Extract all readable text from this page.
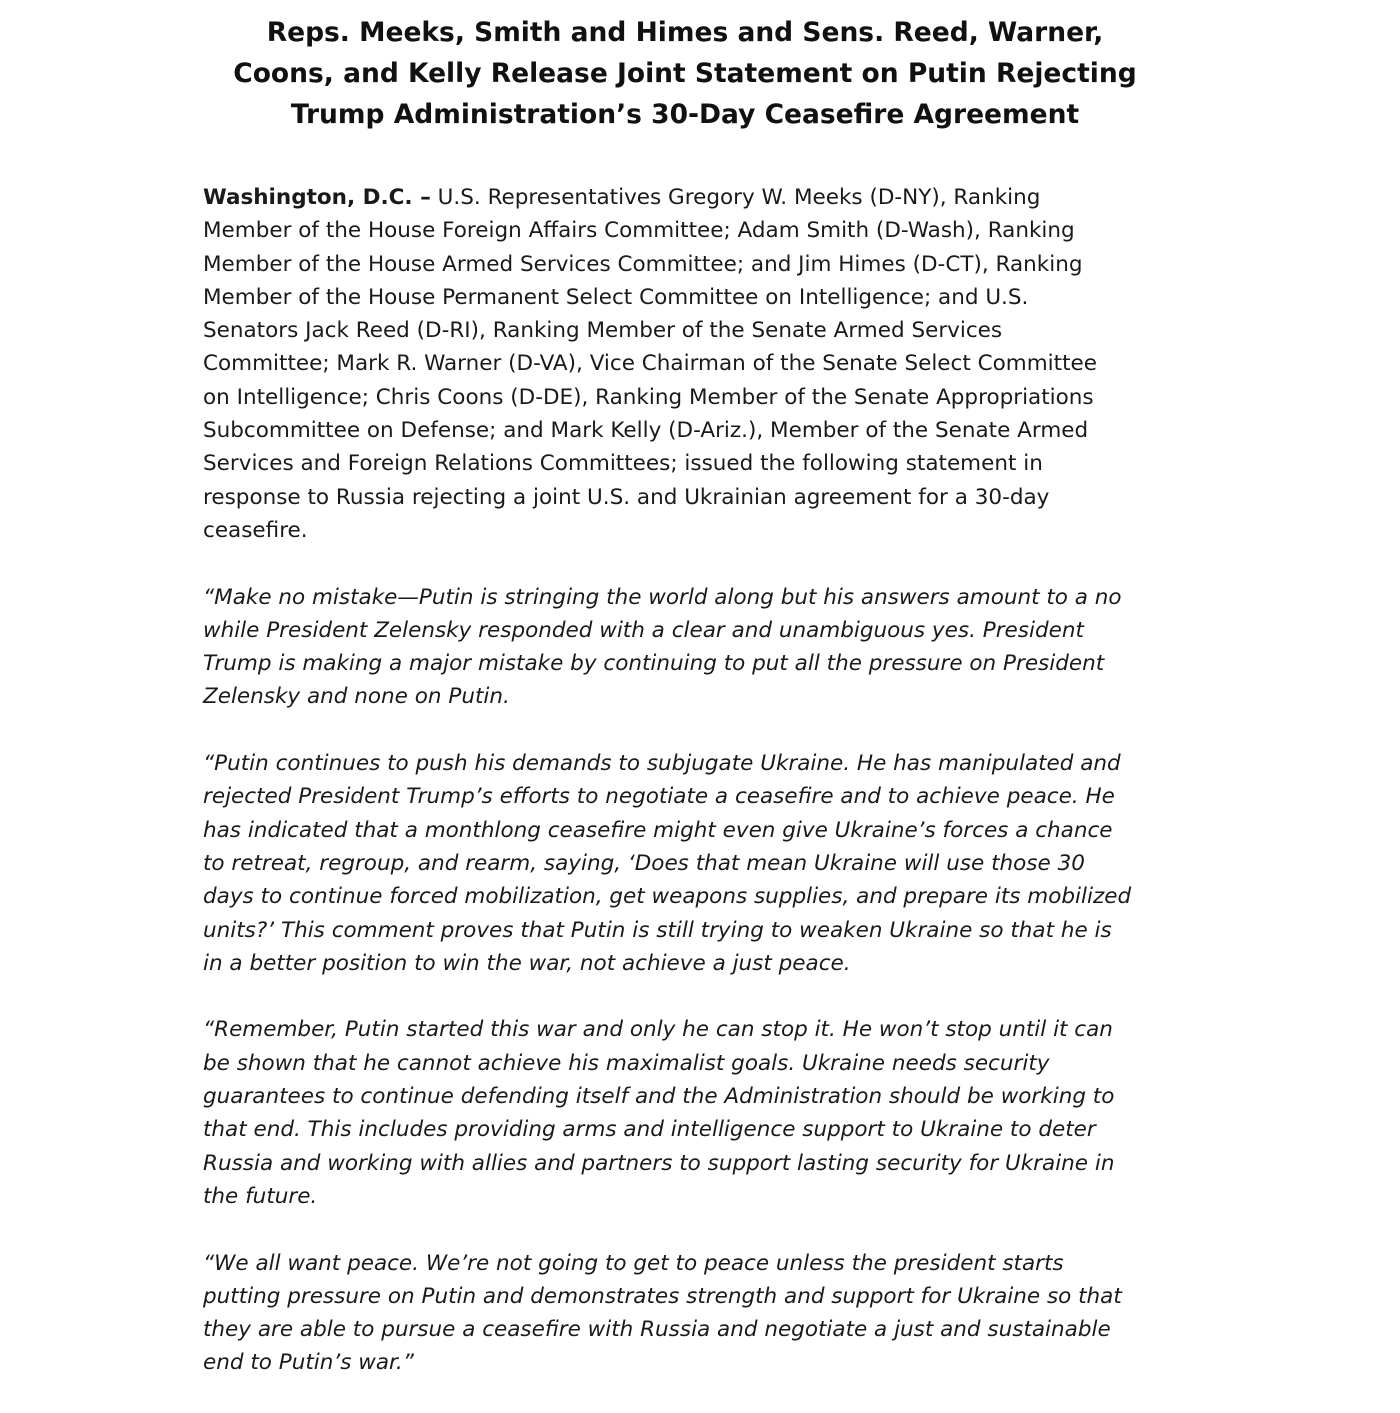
Reps. Meeks, Smith and Himes and Sens. Reed, Warner,
Coons, and Kelly Release Joint Statement on Putin Rejecting
Trump Administration’s 30-Day Ceasefire Agreement

Washington, D.C. – U.S. Representatives Gregory W. Meeks (D-NY), Ranking
Member of the House Foreign Affairs Committee; Adam Smith (D-Wash), Ranking
Member of the House Armed Services Committee; and Jim Himes (D-CT), Ranking
Member of the House Permanent Select Committee on Intelligence; and U.S.
Senators Jack Reed (D-RI), Ranking Member of the Senate Armed Services
Committee; Mark R. Warner (D-VA), Vice Chairman of the Senate Select Committee
on Intelligence; Chris Coons (D-DE), Ranking Member of the Senate Appropriations
Subcommittee on Defense; and Mark Kelly (D-Ariz.), Member of the Senate Armed
Services and Foreign Relations Committees; issued the following statement in
response to Russia rejecting a joint U.S. and Ukrainian agreement for a 30-day
ceasefire.

“Make no mistake—Putin is stringing the world along but his answers amount to a no
while President Zelensky responded with a clear and unambiguous yes. President
Trump is making a major mistake by continuing to put all the pressure on President
Zelensky and none on Putin.

“Putin continues to push his demands to subjugate Ukraine. He has manipulated and
rejected President Trump’s efforts to negotiate a ceasefire and to achieve peace. He
has indicated that a monthlong ceasefire might even give Ukraine’s forces a chance
to retreat, regroup, and rearm, saying, ‘Does that mean Ukraine will use those 30
days to continue forced mobilization, get weapons supplies, and prepare its mobilized
units?’ This comment proves that Putin is still trying to weaken Ukraine so that he is
in a better position to win the war, not achieve a just peace.

“Remember, Putin started this war and only he can stop it. He won’t stop until it can
be shown that he cannot achieve his maximalist goals. Ukraine needs security
guarantees to continue defending itself and the Administration should be working to
that end. This includes providing arms and intelligence support to Ukraine to deter
Russia and working with allies and partners to support lasting security for Ukraine in
the future.

“We all want peace. We’re not going to get to peace unless the president starts
putting pressure on Putin and demonstrates strength and support for Ukraine so that
they are able to pursue a ceasefire with Russia and negotiate a just and sustainable
end to Putin’s war.”
